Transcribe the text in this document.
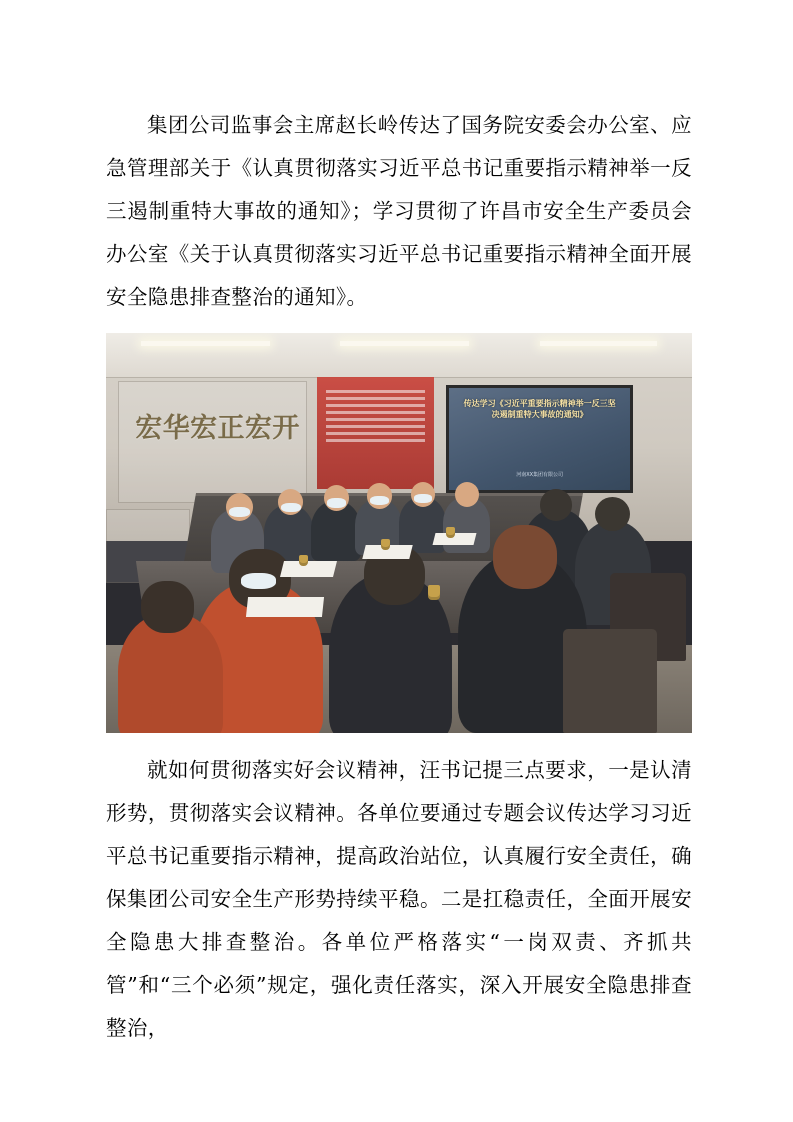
集团公司监事会主席赵长岭传达了国务院安委会办公室、应急管理部关于《认真贯彻落实习近平总书记重要指示精神举一反三遏制重特大事故的通知》；学习贯彻了许昌市安全生产委员会办公室《关于认真贯彻落实习近平总书记重要指示精神全面开展安全隐患排查整治的通知》。

宏 华 宏 正 宏 开
传达学习《习近平重要指示精神举一反三坚决遏制重特大事故的通知》
河南XX集团有限公司

就如何贯彻落实好会议精神，汪书记提三点要求，一是认清形势，贯彻落实会议精神。各单位要通过专题会议传达学习习近平总书记重要指示精神，提高政治站位，认真履行安全责任，确保集团公司安全生产形势持续平稳。二是扛稳责任，全面开展安全隐患大排查整治。各单位严格落实“一岗双责、齐抓共管”和“三个必须”规定，强化责任落实，深入开展安全隐患排查整治，
